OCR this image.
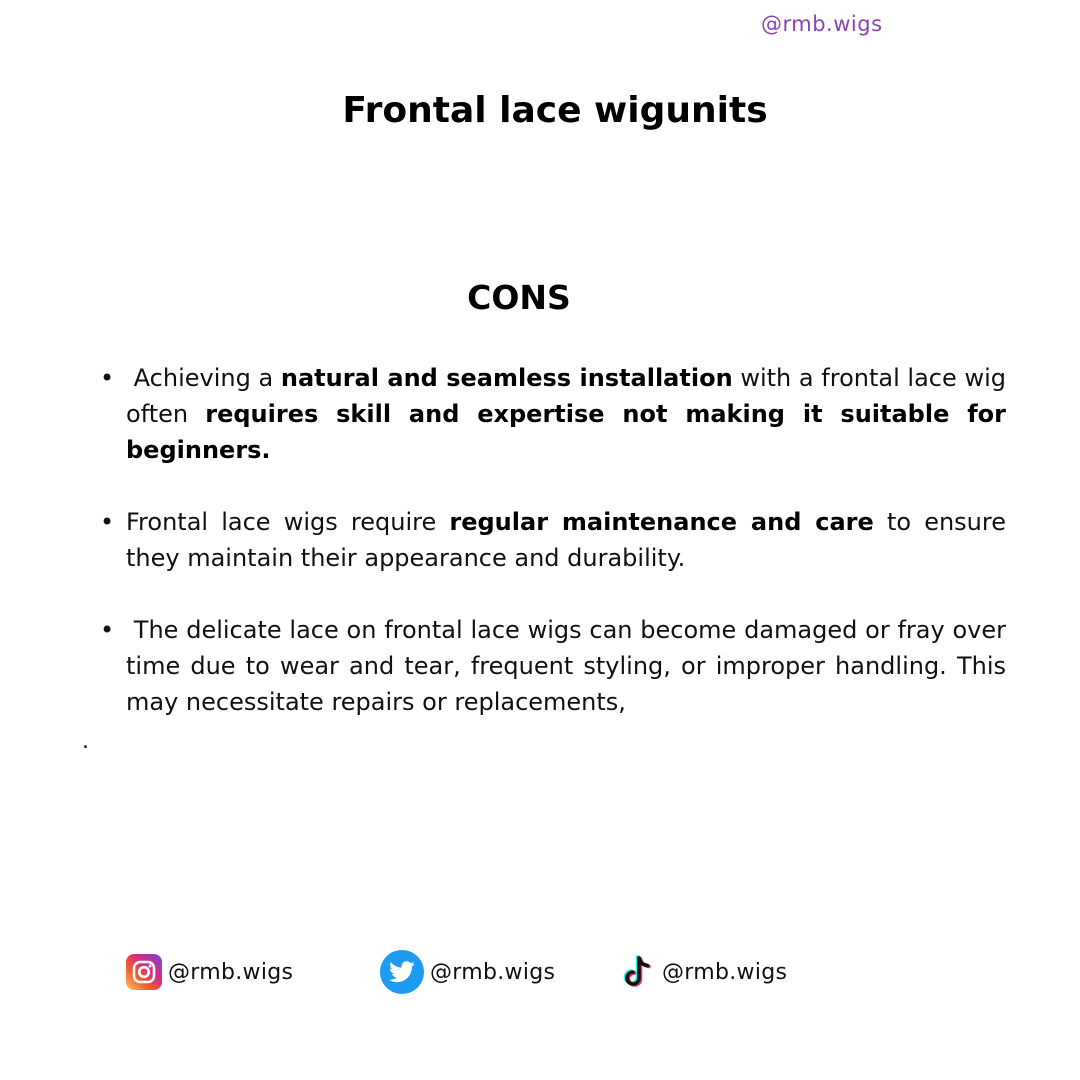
@rmb.wigs
Frontal lace wigunits
CONS
• Achieving a natural and seamless installation with a frontal lace wig often requires skill and expertise not making it suitable for beginners.
• Frontal lace wigs require regular maintenance and care to ensure they maintain their appearance and durability.
• The delicate lace on frontal lace wigs can become damaged or fray over time due to wear and tear, frequent styling, or improper handling. This may necessitate repairs or replacements,
.
@rmb.wigs	@rmb.wigs	@rmb.wigs
